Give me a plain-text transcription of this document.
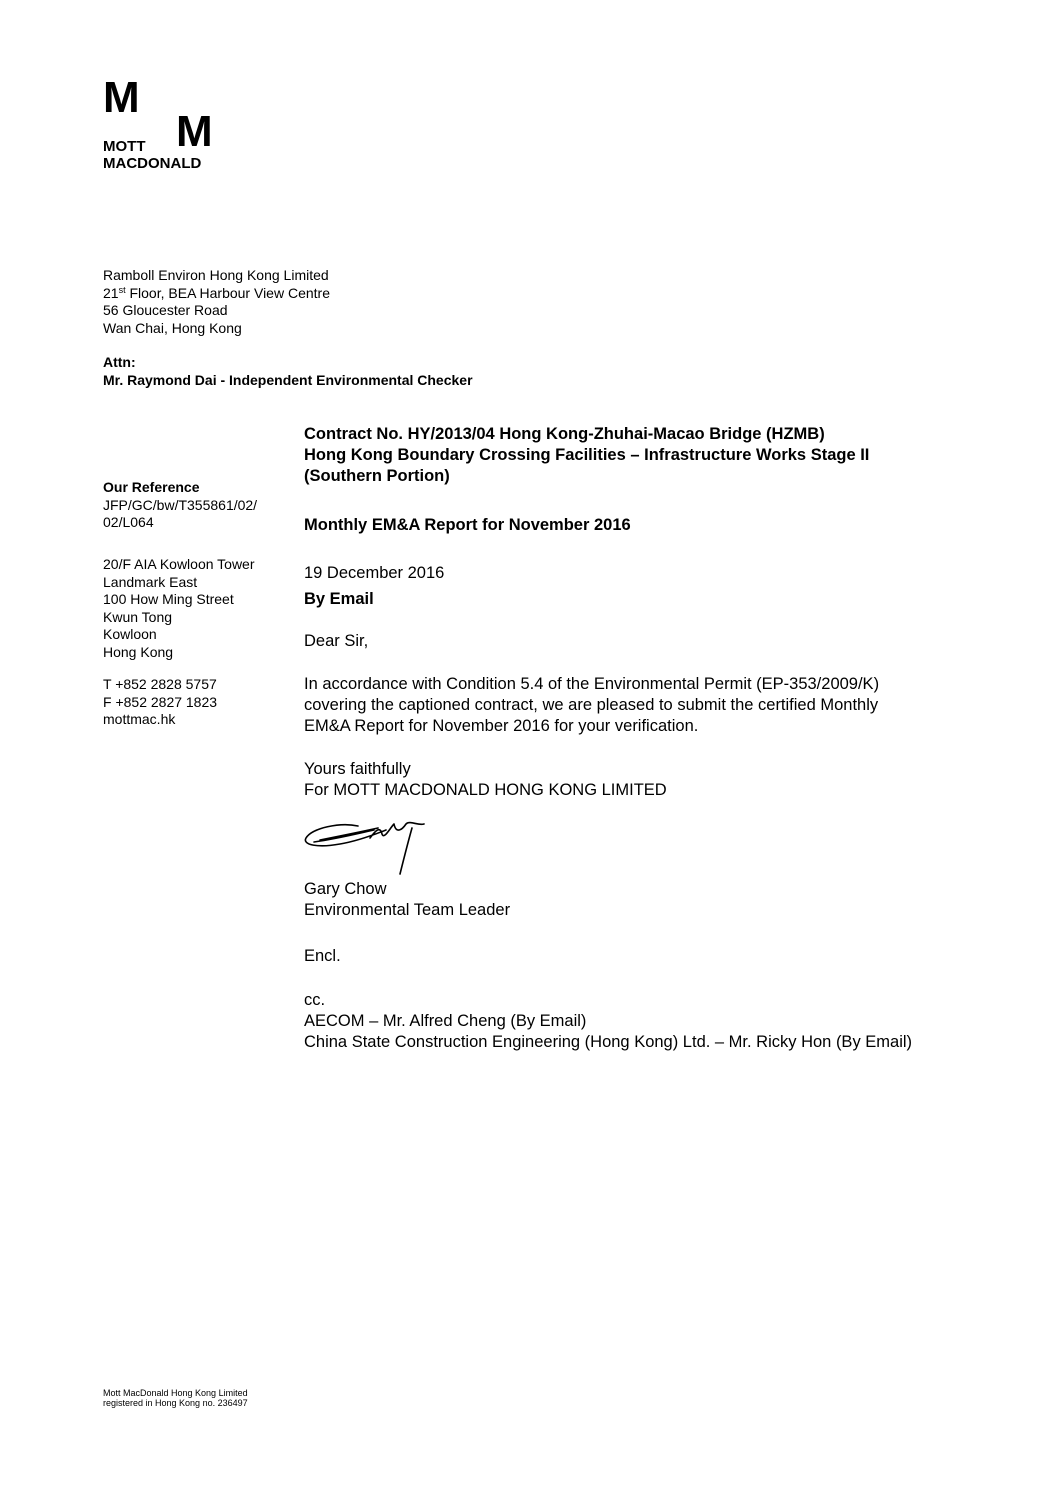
M
M
MOTT
MACDONALD
Ramboll Environ Hong Kong Limited
21st Floor, BEA Harbour View Centre
56 Gloucester Road
Wan Chai, Hong Kong
Attn:
Mr. Raymond Dai - Independent Environmental Checker
Our Reference
JFP/GC/bw/T355861/02/
02/L064
20/F AIA Kowloon Tower
Landmark East
100 How Ming Street
Kwun Tong
Kowloon
Hong Kong
T +852 2828 5757
F +852 2827 1823
mottmac.hk
Contract No. HY/2013/04 Hong Kong-Zhuhai-Macao Bridge (HZMB)
Hong Kong Boundary Crossing Facilities – Infrastructure Works Stage II
(Southern Portion)
Monthly EM&A Report for November 2016
19 December 2016
By Email
Dear Sir,
In accordance with Condition 5.4 of the Environmental Permit (EP-353/2009/K)
covering the captioned contract, we are pleased to submit the certified Monthly
EM&A Report for November 2016 for your verification.
Yours faithfully
For MOTT MACDONALD HONG KONG LIMITED
Gary Chow
Environmental Team Leader
Encl.
cc.
AECOM – Mr. Alfred Cheng (By Email)
China State Construction Engineering (Hong Kong) Ltd. – Mr. Ricky Hon (By Email)
Mott MacDonald Hong Kong Limited
registered in Hong Kong no. 236497
